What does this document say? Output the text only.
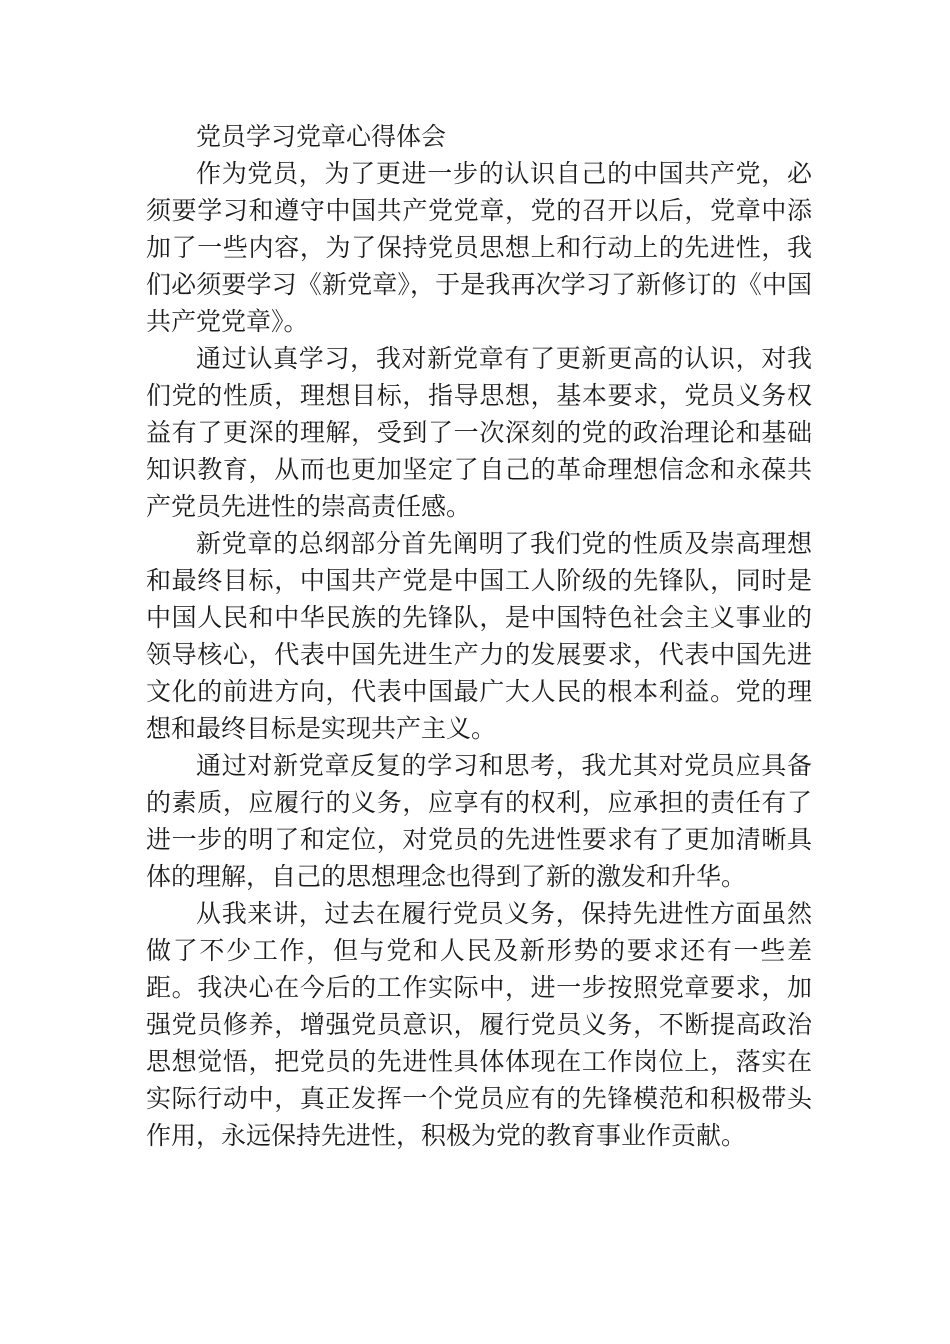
党员学习党章心得体会

作为党员，为了更进一步的认识自己的中国共产党，必须要学习和遵守中国共产党党章，党的召开以后，党章中添加了一些内容，为了保持党员思想上和行动上的先进性，我们必须要学习《新党章》，于是我再次学习了新修订的《中国共产党党章》。

通过认真学习，我对新党章有了更新更高的认识，对我们党的性质，理想目标，指导思想，基本要求，党员义务权益有了更深的理解，受到了一次深刻的党的政治理论和基础知识教育，从而也更加坚定了自己的革命理想信念和永葆共产党员先进性的崇高责任感。

新党章的总纲部分首先阐明了我们党的性质及崇高理想和最终目标，中国共产党是中国工人阶级的先锋队，同时是中国人民和中华民族的先锋队，是中国特色社会主义事业的领导核心，代表中国先进生产力的发展要求，代表中国先进文化的前进方向，代表中国最广大人民的根本利益。党的理想和最终目标是实现共产主义。

通过对新党章反复的学习和思考，我尤其对党员应具备的素质，应履行的义务，应享有的权利，应承担的责任有了进一步的明了和定位，对党员的先进性要求有了更加清晰具体的理解，自己的思想理念也得到了新的激发和升华。

从我来讲，过去在履行党员义务，保持先进性方面虽然做了不少工作，但与党和人民及新形势的要求还有一些差距。我决心在今后的工作实际中，进一步按照党章要求，加强党员修养，增强党员意识，履行党员义务，不断提高政治思想觉悟，把党员的先进性具体体现在工作岗位上，落实在实际行动中，真正发挥一个党员应有的先锋模范和积极带头作用，永远保持先进性，积极为党的教育事业作贡献。
